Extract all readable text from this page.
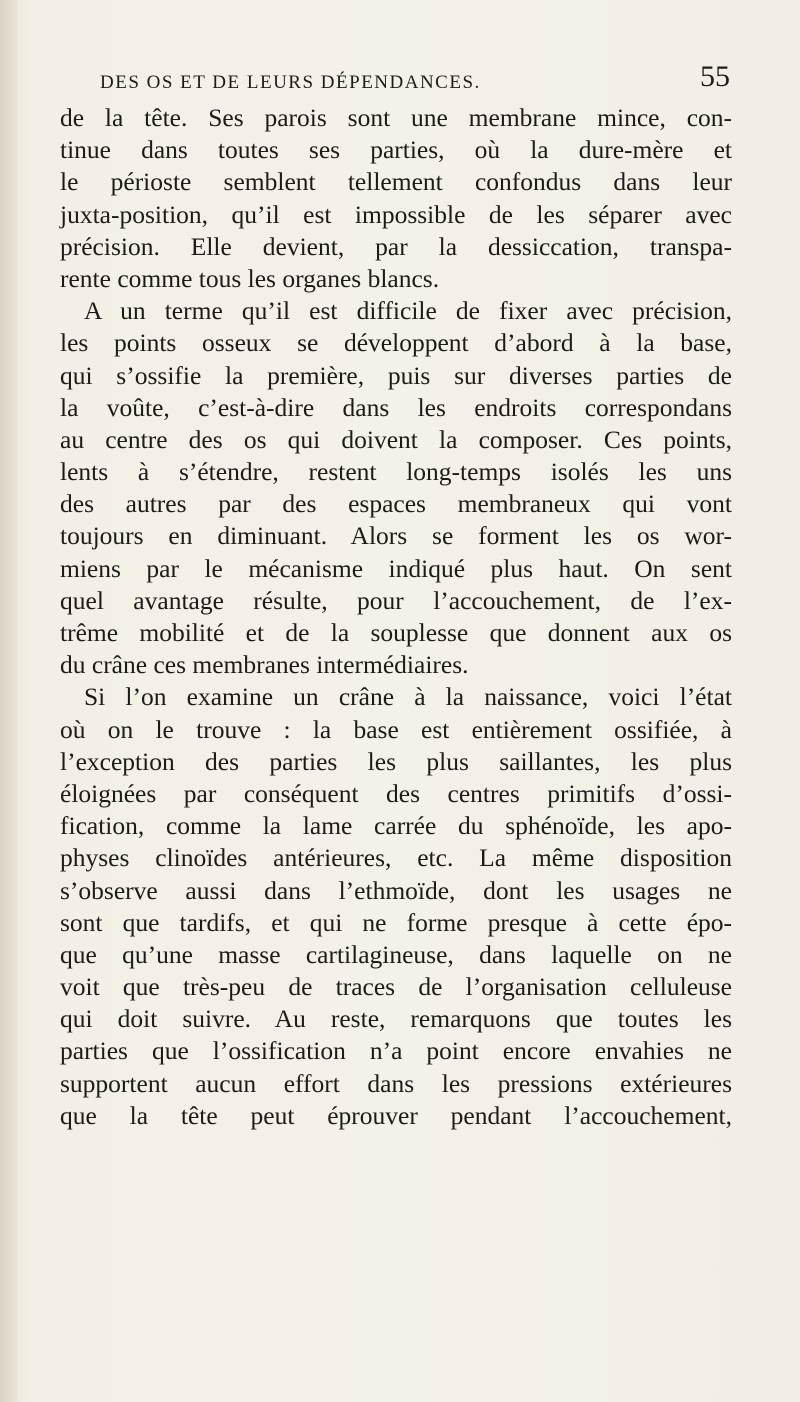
DES OS ET DE LEURS DÉPENDANCES.	55
de la tête. Ses parois sont une membrane mince, con-
tinue dans toutes ses parties, où la dure-mère et
le périoste semblent tellement confondus dans leur
juxta-position, qu’il est impossible de les séparer avec
précision. Elle devient, par la dessiccation, transpa-
rente comme tous les organes blancs.
A un terme qu’il est difficile de fixer avec précision,
les points osseux se développent d’abord à la base,
qui s’ossifie la première, puis sur diverses parties de
la voûte, c’est-à-dire dans les endroits correspondans
au centre des os qui doivent la composer. Ces points,
lents à s’étendre, restent long-temps isolés les uns
des autres par des espaces membraneux qui vont
toujours en diminuant. Alors se forment les os wor-
miens par le mécanisme indiqué plus haut. On sent
quel avantage résulte, pour l’accouchement, de l’ex-
trême mobilité et de la souplesse que donnent aux os
du crâne ces membranes intermédiaires.
Si l’on examine un crâne à la naissance, voici l’état
où on le trouve : la base est entièrement ossifiée, à
l’exception des parties les plus saillantes, les plus
éloignées par conséquent des centres primitifs d’ossi-
fication, comme la lame carrée du sphénoïde, les apo-
physes clinoïdes antérieures, etc. La même disposition
s’observe aussi dans l’ethmoïde, dont les usages ne
sont que tardifs, et qui ne forme presque à cette épo-
que qu’une masse cartilagineuse, dans laquelle on ne
voit que très-peu de traces de l’organisation celluleuse
qui doit suivre. Au reste, remarquons que toutes les
parties que l’ossification n’a point encore envahies ne
supportent aucun effort dans les pressions extérieures
que la tête peut éprouver pendant l’accouchement,
